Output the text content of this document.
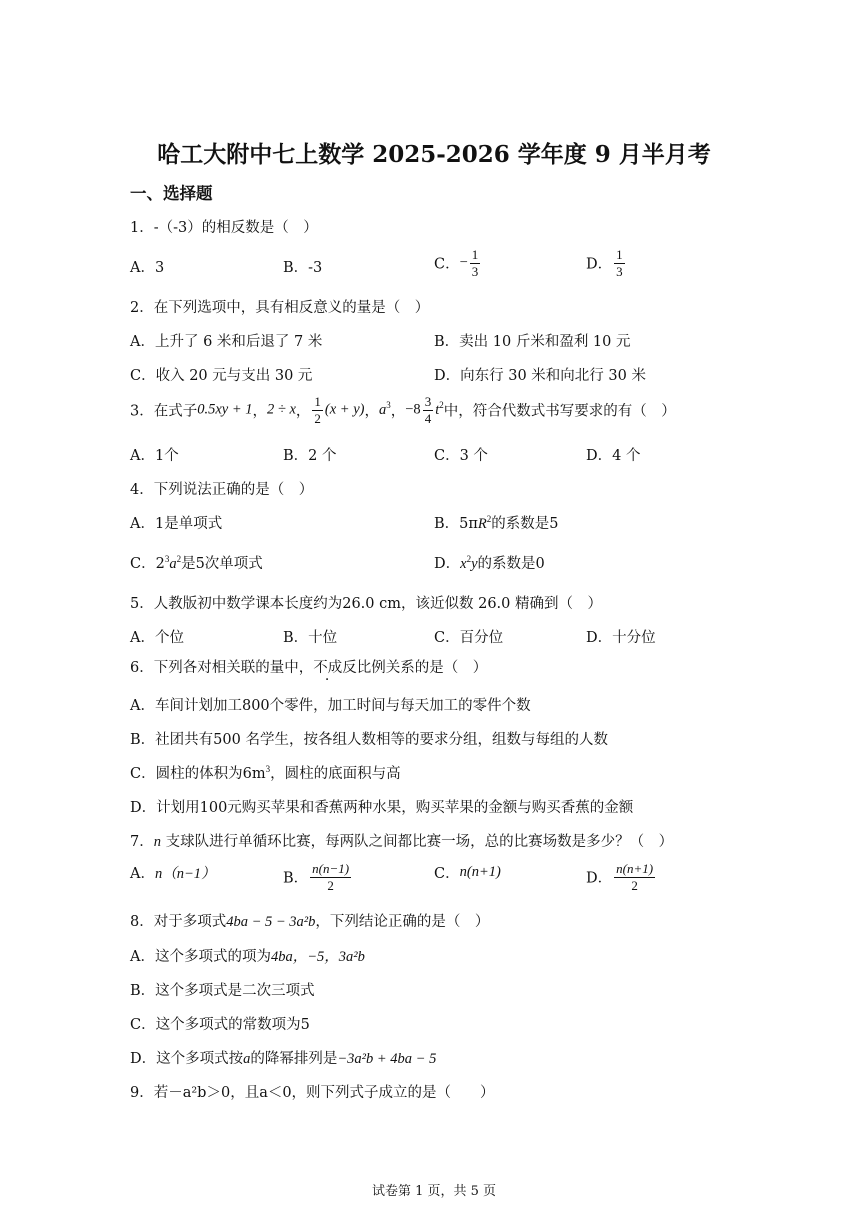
哈工大附中七上数学 2025-2026 学年度 9 月半月考
一、选择题
1．-（-3）的相反数是（　）
A．3	B．-3	C．− $\frac{1}{3}$	D． $\frac{1}{3}$
2．在下列选项中，具有相反意义的量是（　）
A．上升了 6 米和后退了 7 米	B．卖出 10 斤米和盈利 10 元
C．收入 20 元与支出 30 元	D．向东行 30 米和向北行 30 米
3．在式子0.5xy + 1，2 ÷ x， $\frac{1}{2} (x + y)$，$a^3$，$-8 \frac{3}{4} t^2$中，符合代数式书写要求的有（　）
A．1个	B．2 个	C．3 个	D．4 个
4．下列说法正确的是（　）
A．1是单项式	B．$5\pi R^2$的系数是5
C．$2^3a^2$是5次单项式	D．$x^2y$的系数是0
5．人教版初中数学课本长度约为26.0 cm，该近似数 26.0 精确到（　）
A．个位	B．十位	C．百分位	D．十分位
6．下列各对相关联的量中，不成反比例关系的是（　）
A．车间计划加工800个零件，加工时间与每天加工的零件个数
B．社团共有500 名学生，按各组人数相等的要求分组，组数与每组的人数
C．圆柱的体积为$6m^3$，圆柱的底面积与高
D．计划用100元购买苹果和香蕉两种水果，购买苹果的金额与购买香蕉的金额
7．n 支球队进行单循环比赛，每两队之间都比赛一场，总的比赛场数是多少？（　）
A．n（n−1）	B． $\frac{n(n-1)}{2}$	C．n(n+1)	D． $\frac{n(n+1)}{2}$
8．对于多项式4ba − 5 − 3a²b，下列结论正确的是（　）
A．这个多项式的项为4ba，−5，3a²b
B．这个多项式是二次三项式
C．这个多项式的常数项为5
D．这个多项式按a的降幂排列是−3a²b + 4ba − 5
9．若－a²b＞0，且a＜0，则下列式子成立的是（　　）
试卷第 1 页，共 5 页
